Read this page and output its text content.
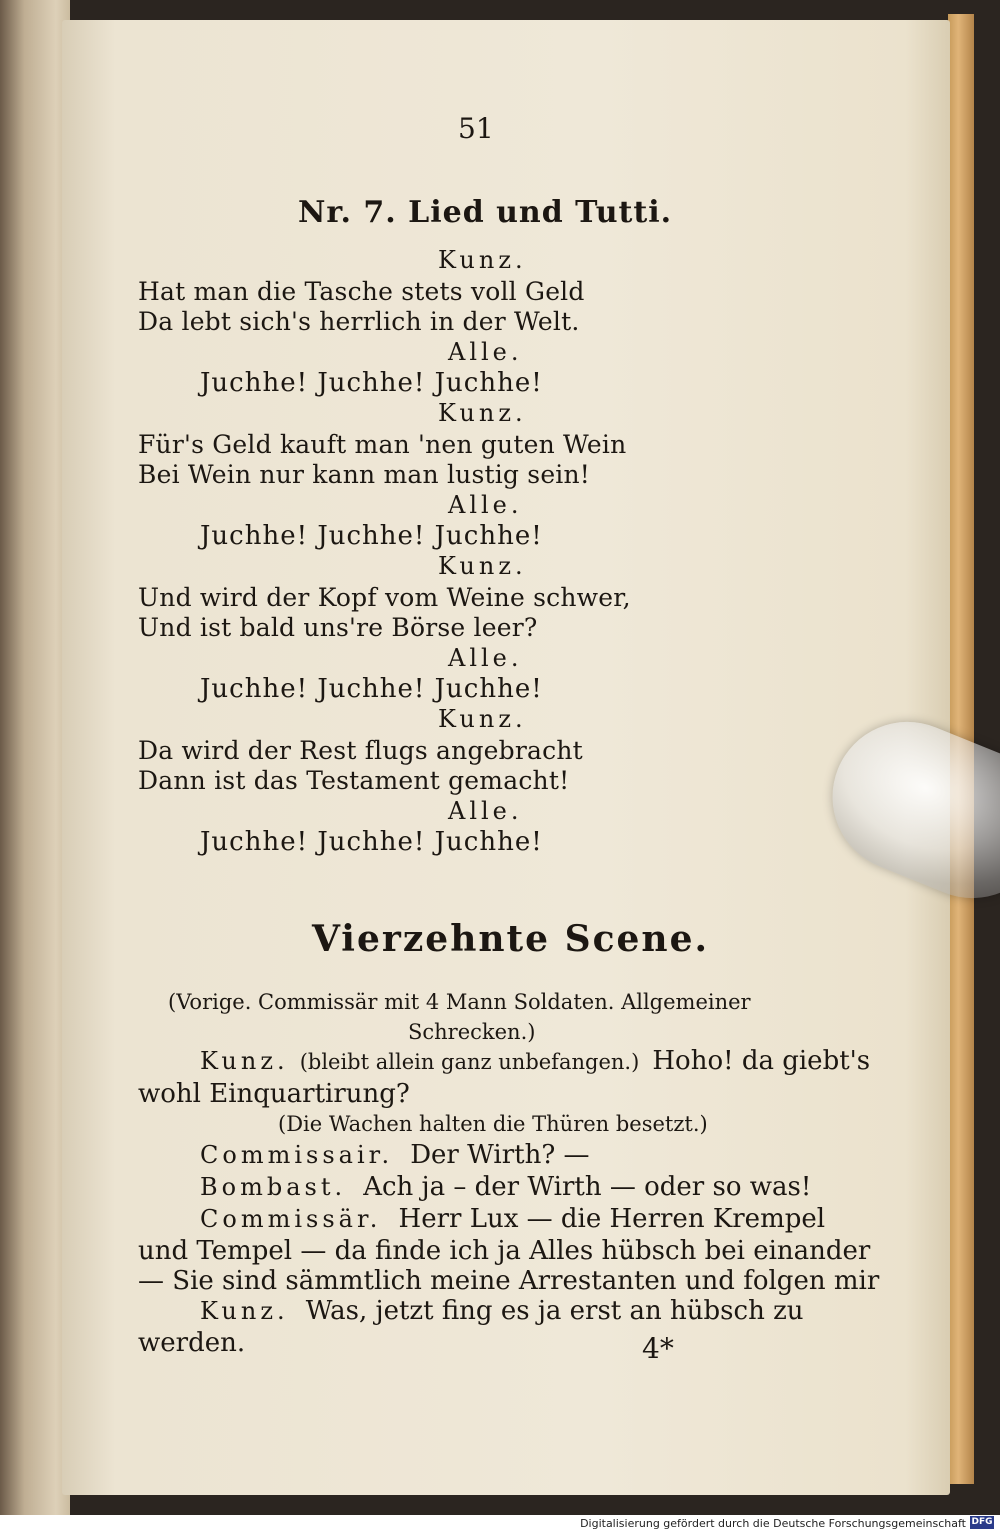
51
Nr. 7. Lied und Tutti.
Kunz.
Hat man die Tasche stets voll Geld
Da lebt sich's herrlich in der Welt.
Alle.
Juchhe! Juchhe! Juchhe!
Kunz.
Für's Geld kauft man 'nen guten Wein
Bei Wein nur kann man lustig sein!
Alle.
Juchhe! Juchhe! Juchhe!
Kunz.
Und wird der Kopf vom Weine schwer,
Und ist bald uns're Börse leer?
Alle.
Juchhe! Juchhe! Juchhe!
Kunz.
Da wird der Rest flugs angebracht
Dann ist das Testament gemacht!
Alle.
Juchhe! Juchhe! Juchhe!
Vierzehnte Scene.
(Vorige. Commissär mit 4 Mann Soldaten. Allgemeiner
Schrecken.)
Kunz. (bleibt allein ganz unbefangen.) Hoho! da giebt's
wohl Einquartirung?
(Die Wachen halten die Thüren besetzt.)
Commissair. Der Wirth? —
Bombast. Ach ja – der Wirth — oder so was!
Commissär. Herr Lux — die Herren Krempel
und Tempel — da finde ich ja Alles hübsch bei einander
— Sie sind sämmtlich meine Arrestanten und folgen mir
Kunz. Was, jetzt fing es ja erst an hübsch zu
werden.	4*
Digitalisierung gefördert durch die Deutsche Forschungsgemeinschaft DFG
